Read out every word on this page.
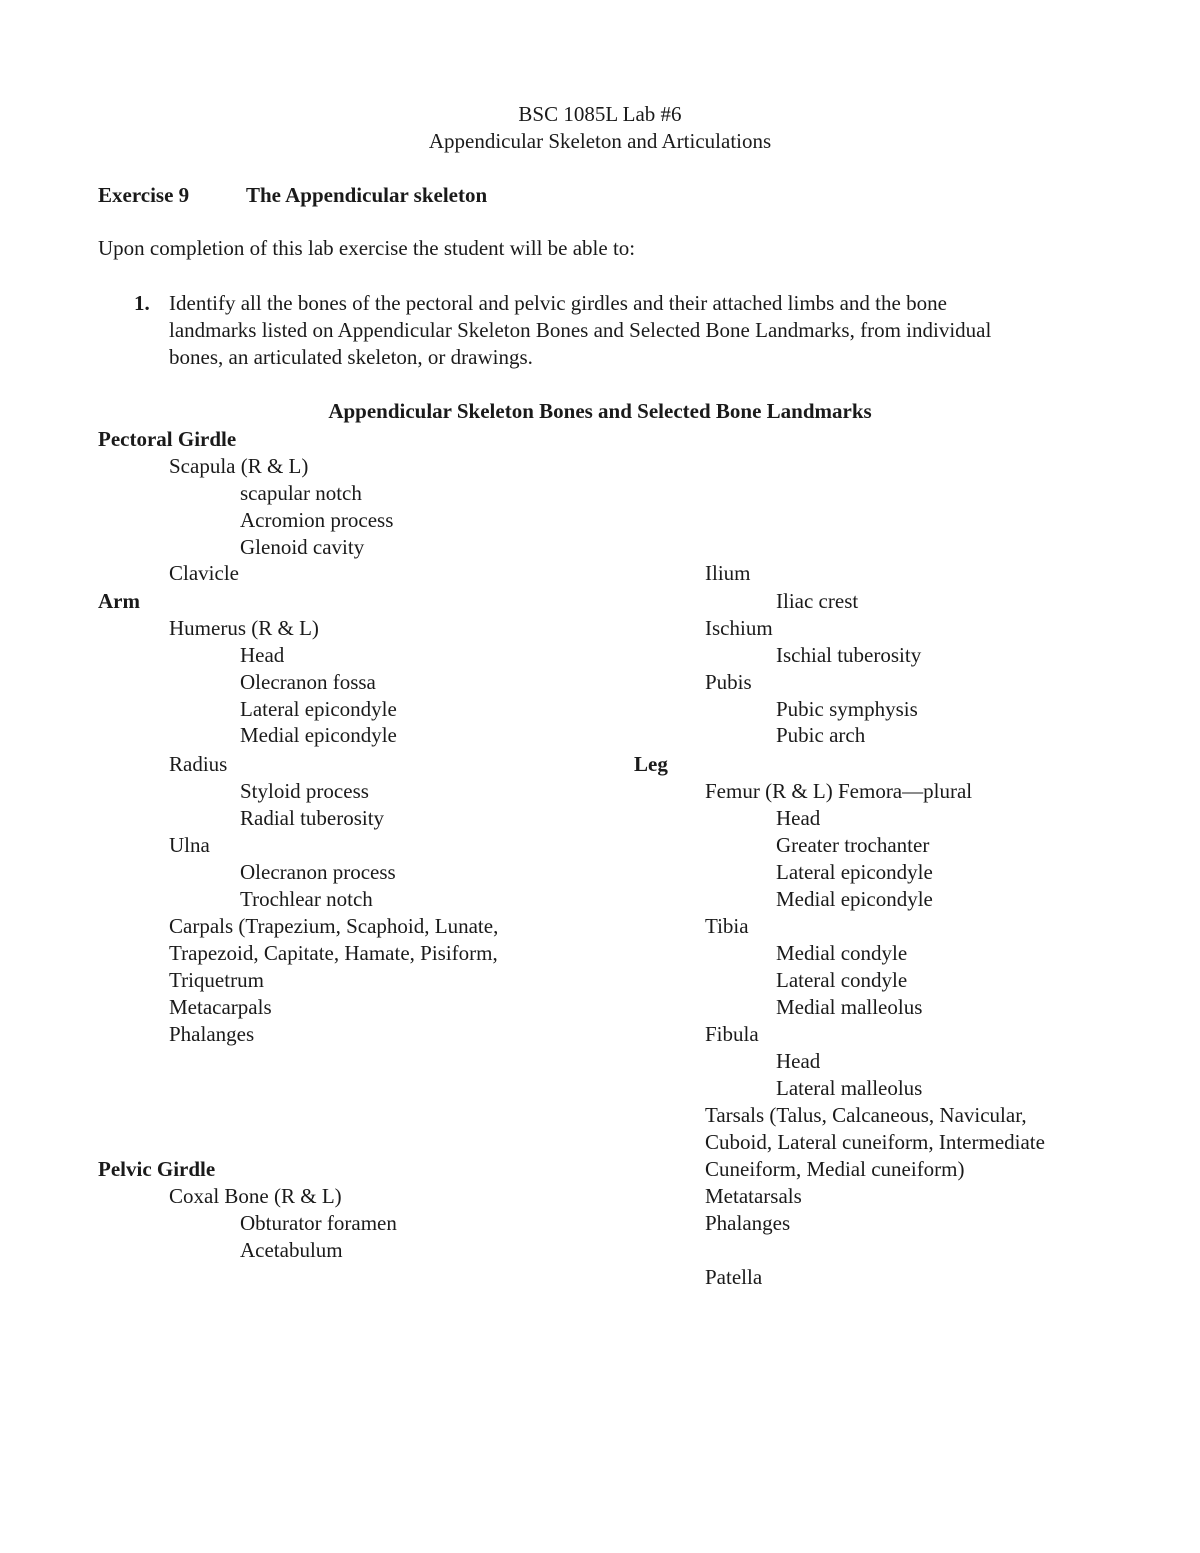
BSC 1085L Lab #6
Appendicular Skeleton and Articulations
Exercise 9	The Appendicular skeleton
Upon completion of this lab exercise the student will be able to:
1. Identify all the bones of the pectoral and pelvic girdles and their attached limbs and the bone
landmarks listed on Appendicular Skeleton Bones and Selected Bone Landmarks, from individual
bones, an articulated skeleton, or drawings.
Appendicular Skeleton Bones and Selected Bone Landmarks
Pectoral Girdle
Scapula (R & L)
scapular notch
Acromion process
Glenoid cavity
Clavicle
Arm
Humerus (R & L)
Head
Olecranon fossa
Lateral epicondyle
Medial epicondyle
Radius
Styloid process
Radial tuberosity
Ulna
Olecranon process
Trochlear notch
Carpals (Trapezium, Scaphoid, Lunate,
Trapezoid, Capitate, Hamate, Pisiform,
Triquetrum
Metacarpals
Phalanges
Pelvic Girdle
Coxal Bone (R & L)
Obturator foramen
Acetabulum
Ilium
Iliac crest
Ischium
Ischial tuberosity
Pubis
Pubic symphysis
Pubic arch
Leg
Femur (R & L) Femora—plural
Head
Greater trochanter
Lateral epicondyle
Medial epicondyle
Tibia
Medial condyle
Lateral condyle
Medial malleolus
Fibula
Head
Lateral malleolus
Tarsals (Talus, Calcaneous, Navicular,
Cuboid, Lateral cuneiform, Intermediate
Cuneiform, Medial cuneiform)
Metatarsals
Phalanges
Patella
